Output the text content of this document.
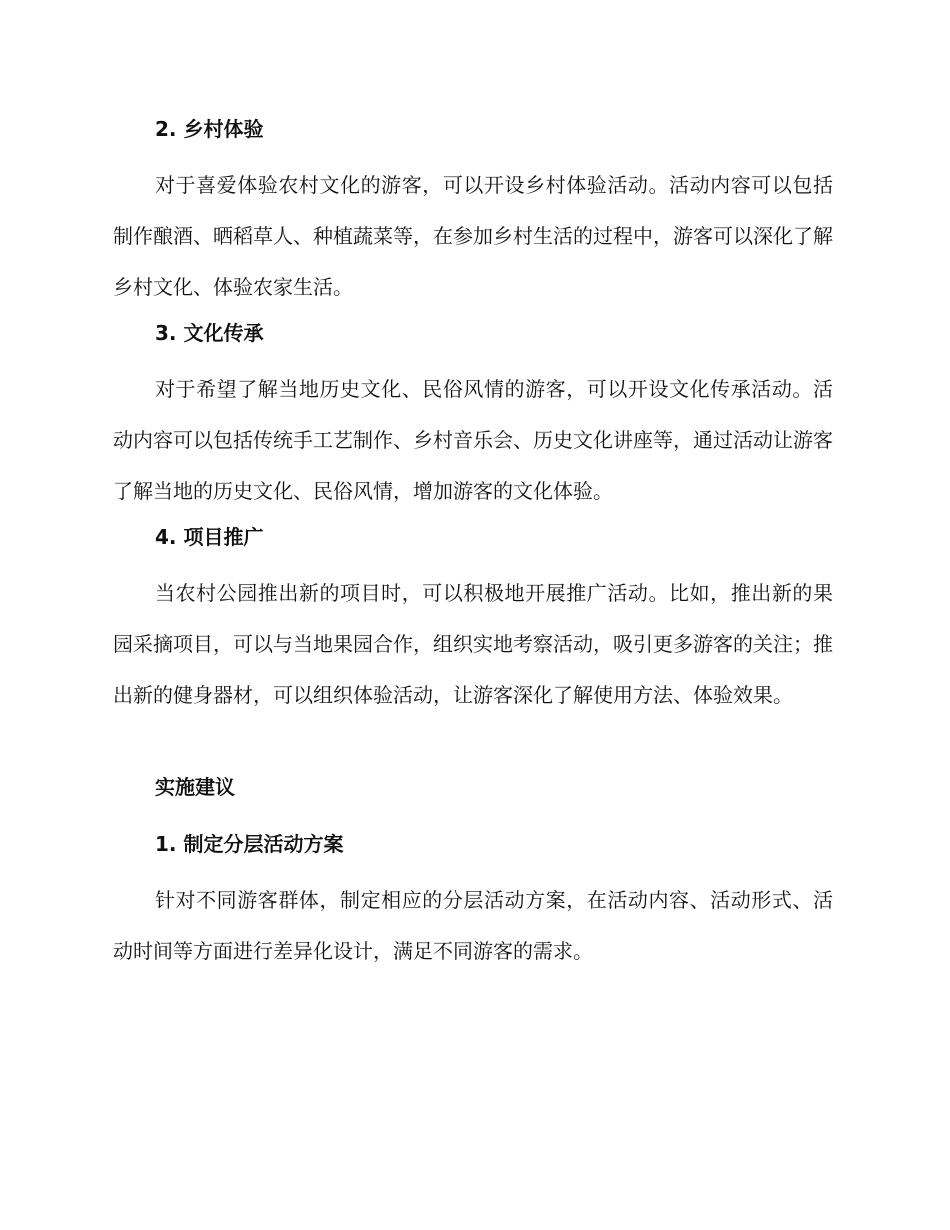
2. 乡村体验
对于喜爱体验农村文化的游客，可以开设乡村体验活动。活动内容可以包括制作酿酒、晒稻草人、种植蔬菜等，在参加乡村生活的过程中，游客可以深化了解乡村文化、体验农家生活。
3. 文化传承
对于希望了解当地历史文化、民俗风情的游客，可以开设文化传承活动。活动内容可以包括传统手工艺制作、乡村音乐会、历史文化讲座等，通过活动让游客了解当地的历史文化、民俗风情，增加游客的文化体验。
4. 项目推广
当农村公园推出新的项目时，可以积极地开展推广活动。比如，推出新的果园采摘项目，可以与当地果园合作，组织实地考察活动，吸引更多游客的关注；推出新的健身器材，可以组织体验活动，让游客深化了解使用方法、体验效果。
实施建议
1. 制定分层活动方案
针对不同游客群体，制定相应的分层活动方案，在活动内容、活动形式、活动时间等方面进行差异化设计，满足不同游客的需求。
